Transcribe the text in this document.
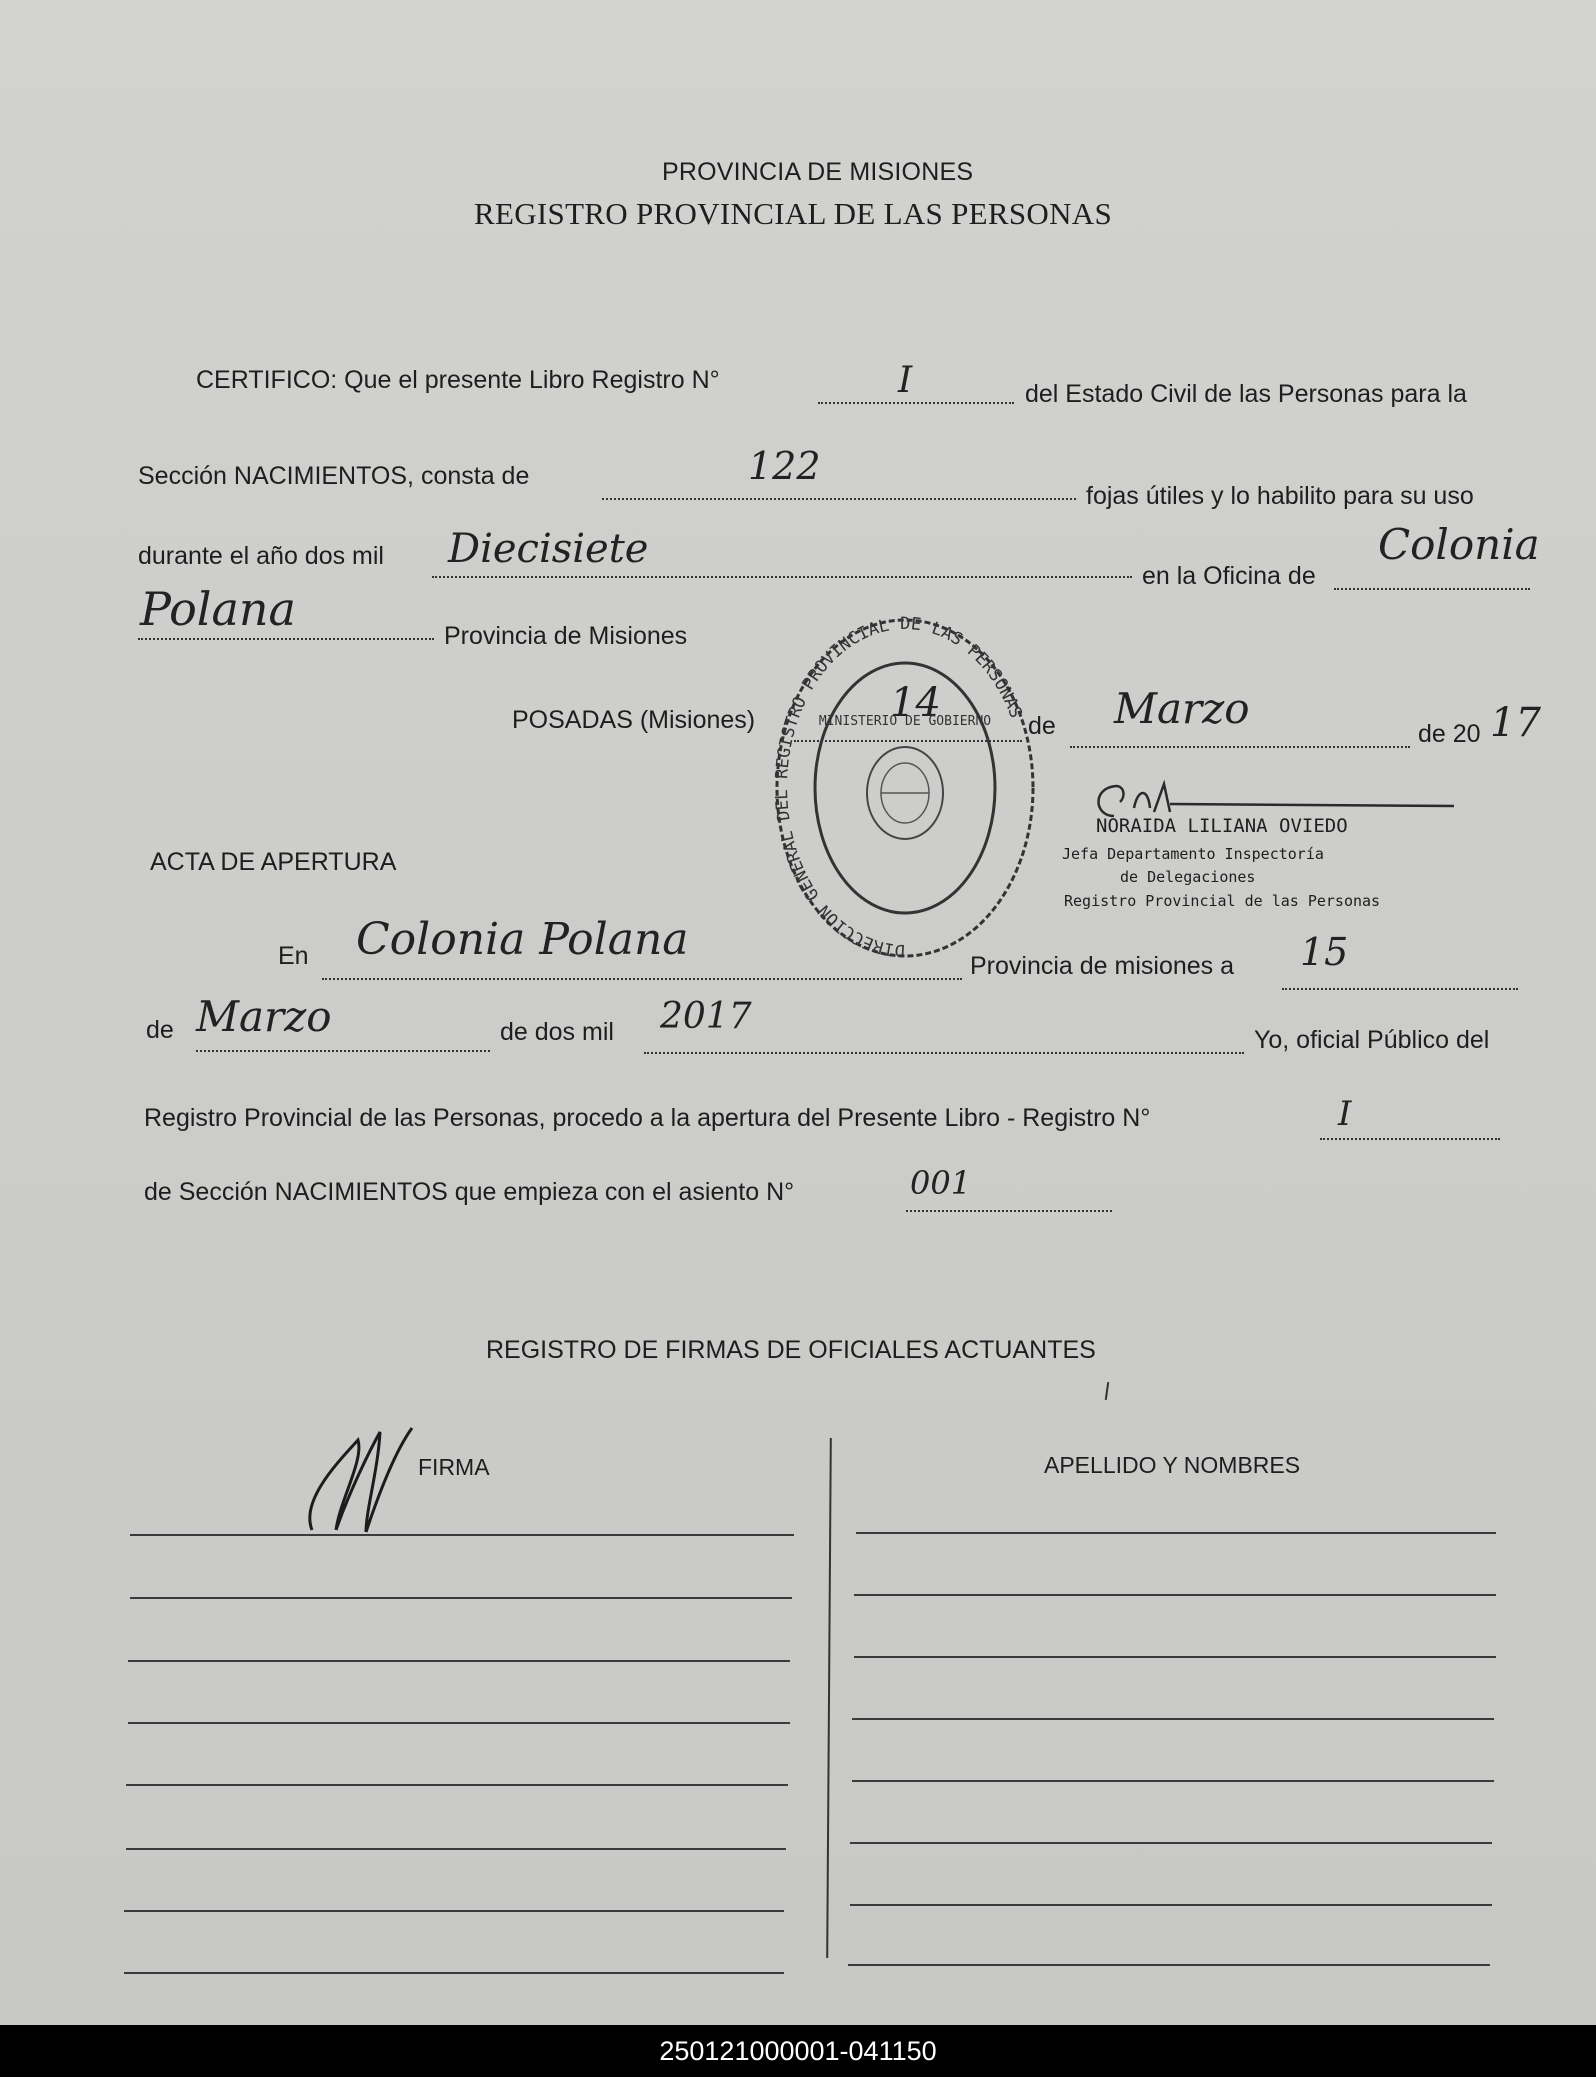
PROVINCIA DE MISIONES
REGISTRO PROVINCIAL DE LAS PERSONAS
CERTIFICO: Que el presente Libro Registro N°	I	del Estado Civil de las Personas para la
Sección NACIMIENTOS, consta de	122
fojas útiles y lo habilito para su uso
durante el año dos mil Diecisiete
en la Oficina de
Colonia
Polana	Provincia de Misiones
POSADAS (Misiones)	14	de Marzo
de 20 17
DIRECCION GENERAL DEL REGISTRO PROVINCIAL DE LAS PERSONAS
MINISTERIO DE GOBIERNO
NORAIDA LILIANA OVIEDO
Jefa Departamento Inspectoría
de Delegaciones
Registro Provincial de las Personas
ACTA DE APERTURA
En Colonia Polana
Provincia de misiones a 15
de Marzo	de dos mil 2017
Yo, oficial Público del
Registro Provincial de las Personas, procedo a la apertura del Presente Libro - Registro N°	I
de Sección NACIMIENTOS que empieza con el asiento N°	001
REGISTRO DE FIRMAS DE OFICIALES ACTUANTES
FIRMA	APELLIDO Y NOMBRES
250121000001-041150
